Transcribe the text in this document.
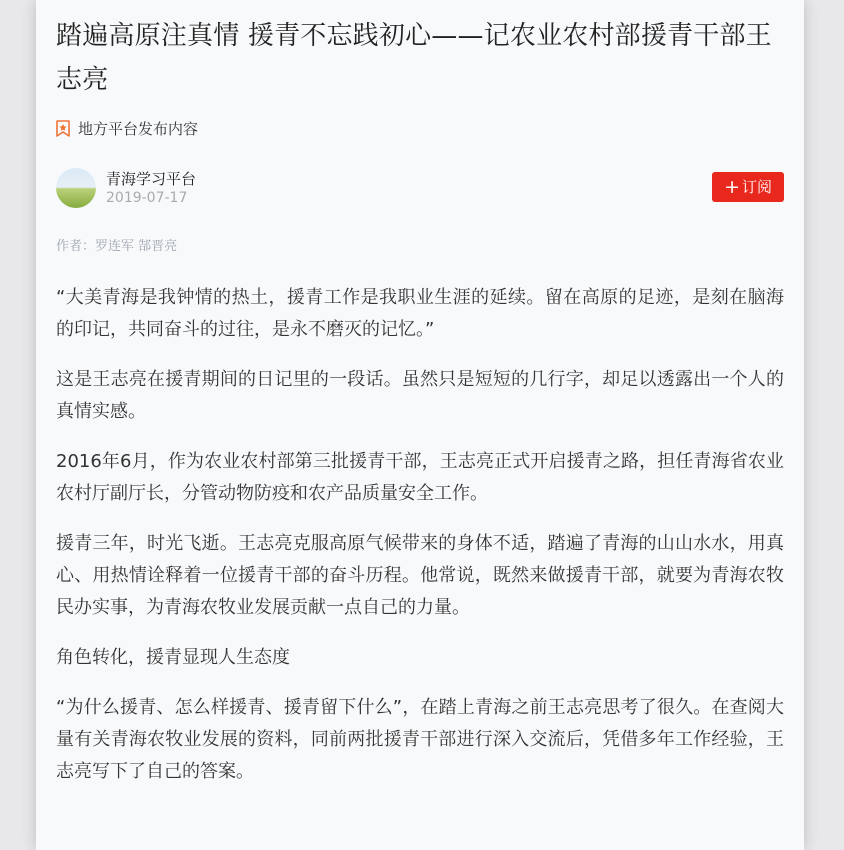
踏遍高原注真情 援青不忘践初心——记农业农村部援青干部王志亮
地方平台发布内容
青海学习平台
2019-07-17	+ 订阅
作者：罗连军 郜晋亮

“大美青海是我钟情的热土，援青工作是我职业生涯的延续。留在高原的足迹，是刻在脑海的印记，共同奋斗的过往，是永不磨灭的记忆。”

这是王志亮在援青期间的日记里的一段话。虽然只是短短的几行字，却足以透露出一个人的真情实感。

2016年6月，作为农业农村部第三批援青干部，王志亮正式开启援青之路，担任青海省农业农村厅副厅长，分管动物防疫和农产品质量安全工作。

援青三年，时光飞逝。王志亮克服高原气候带来的身体不适，踏遍了青海的山山水水，用真心、用热情诠释着一位援青干部的奋斗历程。他常说，既然来做援青干部，就要为青海农牧民办实事，为青海农牧业发展贡献一点自己的力量。

角色转化，援青显现人生态度

“为什么援青、怎么样援青、援青留下什么”，在踏上青海之前王志亮思考了很久。在查阅大量有关青海农牧业发展的资料，同前两批援青干部进行深入交流后，凭借多年工作经验，王志亮写下了自己的答案。
